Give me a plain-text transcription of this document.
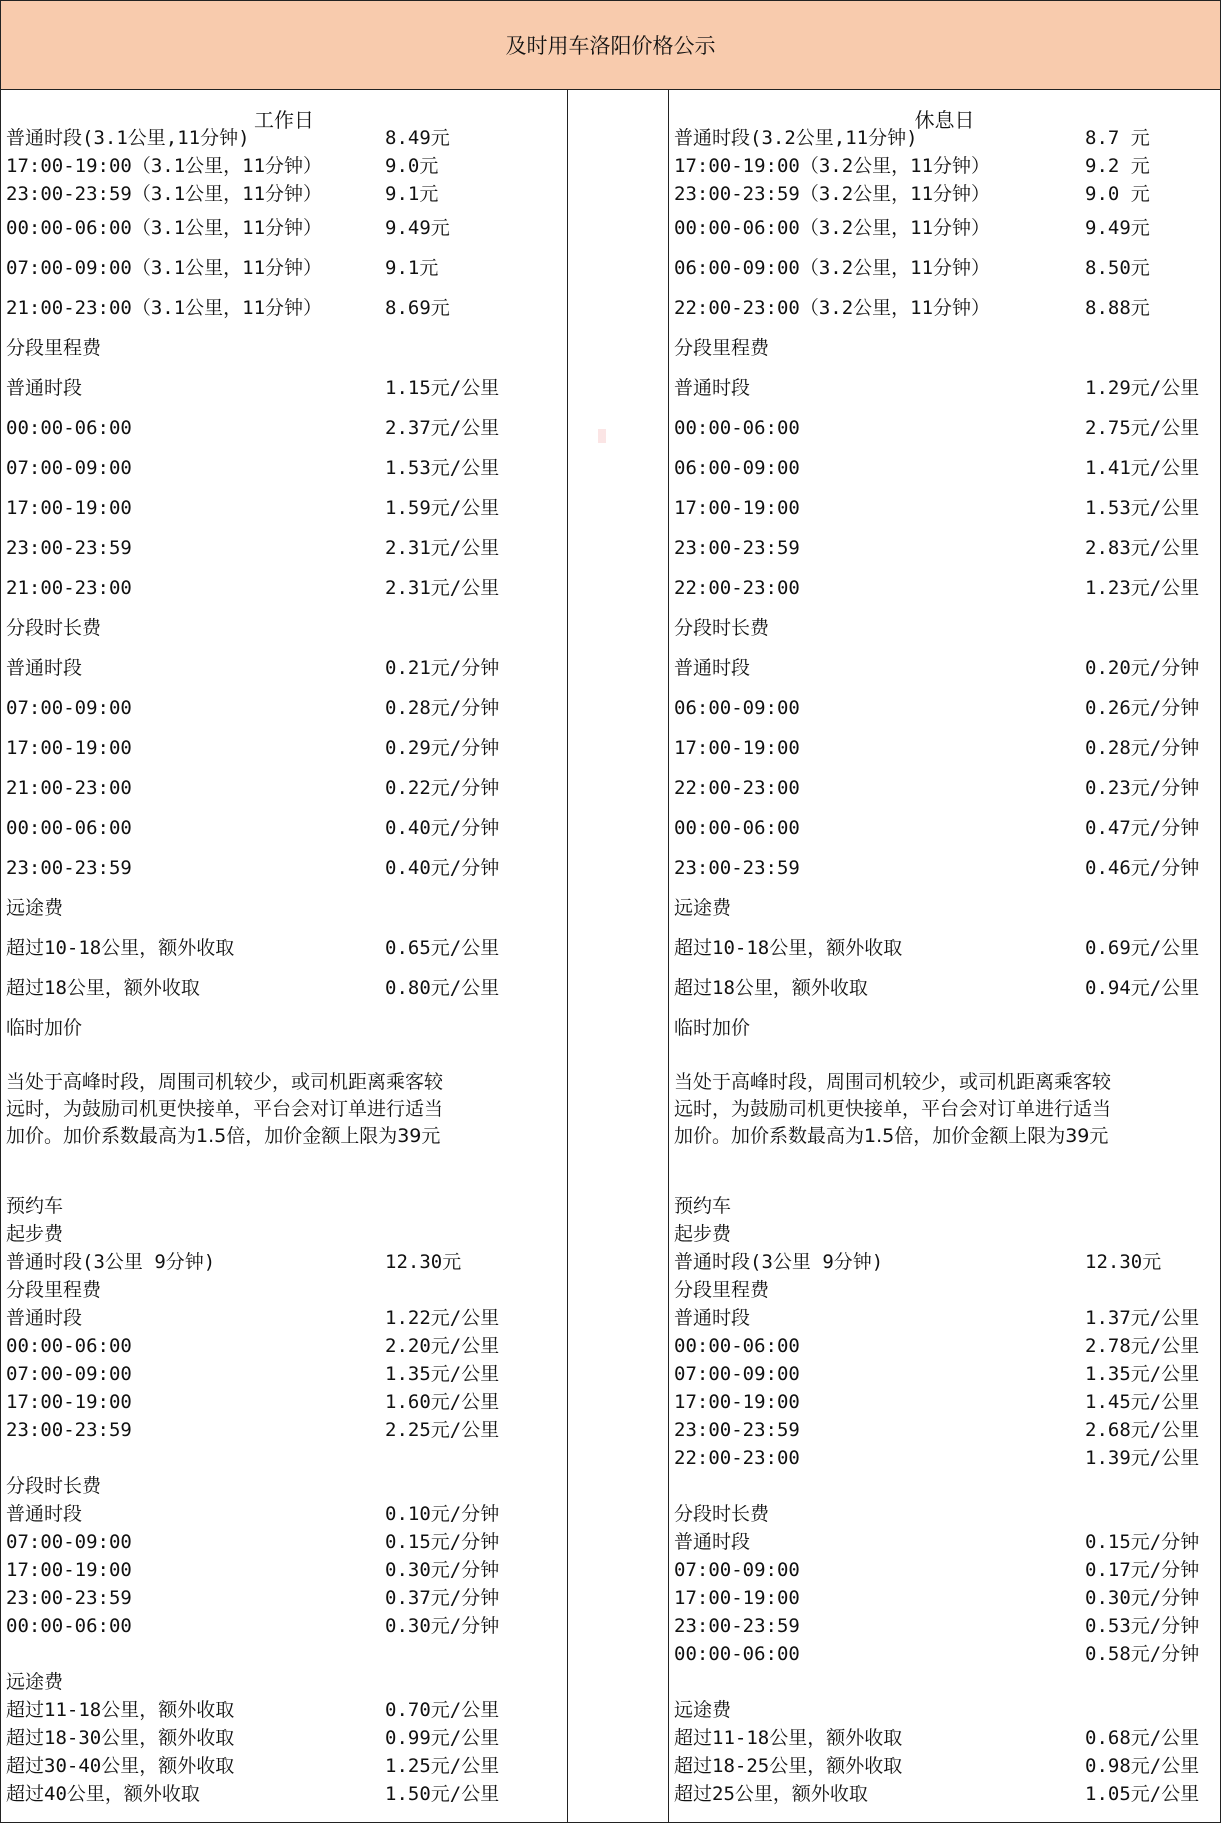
及时用车洛阳价格公示
工作日
普通时段(3.1公里,11分钟)	8.49元
17:00-19:00（3.1公里，11分钟）	9.0元
23:00-23:59（3.1公里，11分钟）	9.1元
00:00-06:00（3.1公里，11分钟）	9.49元
07:00-09:00（3.1公里，11分钟）	9.1元
21:00-23:00（3.1公里，11分钟）	8.69元
分段里程费
普通时段	1.15元/公里
00:00-06:00	2.37元/公里
07:00-09:00	1.53元/公里
17:00-19:00	1.59元/公里
23:00-23:59	2.31元/公里
21:00-23:00	2.31元/公里
分段时长费
普通时段	0.21元/分钟
07:00-09:00	0.28元/分钟
17:00-19:00	0.29元/分钟
21:00-23:00	0.22元/分钟
00:00-06:00	0.40元/分钟
23:00-23:59	0.40元/分钟
远途费
超过10-18公里，额外收取	0.65元/公里
超过18公里，额外收取	0.80元/公里
临时加价
当处于高峰时段，周围司机较少，或司机距离乘客较
远时，为鼓励司机更快接单，平台会对订单进行适当
加价。加价系数最高为1.5倍，加价金额上限为39元
预约车
起步费
普通时段(3公里 9分钟)	12.30元
分段里程费
普通时段	1.22元/公里
00:00-06:00	2.20元/公里
07:00-09:00	1.35元/公里
17:00-19:00	1.60元/公里
23:00-23:59	2.25元/公里
分段时长费
普通时段	0.10元/分钟
07:00-09:00	0.15元/分钟
17:00-19:00	0.30元/分钟
23:00-23:59	0.37元/分钟
00:00-06:00	0.30元/分钟
远途费
超过11-18公里，额外收取	0.70元/公里
超过18-30公里，额外收取	0.99元/公里
超过30-40公里，额外收取	1.25元/公里
超过40公里，额外收取	1.50元/公里
休息日
普通时段(3.2公里,11分钟)	8.7 元
17:00-19:00（3.2公里，11分钟）	9.2 元
23:00-23:59（3.2公里，11分钟）	9.0 元
00:00-06:00（3.2公里，11分钟）	9.49元
06:00-09:00（3.2公里，11分钟）	8.50元
22:00-23:00（3.2公里，11分钟）	8.88元
分段里程费
普通时段	1.29元/公里
00:00-06:00	2.75元/公里
06:00-09:00	1.41元/公里
17:00-19:00	1.53元/公里
23:00-23:59	2.83元/公里
22:00-23:00	1.23元/公里
分段时长费
普通时段	0.20元/分钟
06:00-09:00	0.26元/分钟
17:00-19:00	0.28元/分钟
22:00-23:00	0.23元/分钟
00:00-06:00	0.47元/分钟
23:00-23:59	0.46元/分钟
远途费
超过10-18公里，额外收取	0.69元/公里
超过18公里，额外收取	0.94元/公里
临时加价
当处于高峰时段，周围司机较少，或司机距离乘客较
远时，为鼓励司机更快接单，平台会对订单进行适当
加价。加价系数最高为1.5倍，加价金额上限为39元
预约车
起步费
普通时段(3公里 9分钟)	12.30元
分段里程费
普通时段	1.37元/公里
00:00-06:00	2.78元/公里
07:00-09:00	1.35元/公里
17:00-19:00	1.45元/公里
23:00-23:59	2.68元/公里
22:00-23:00	1.39元/公里
分段时长费
普通时段	0.15元/分钟
07:00-09:00	0.17元/分钟
17:00-19:00	0.30元/分钟
23:00-23:59	0.53元/分钟
00:00-06:00	0.58元/分钟
远途费
超过11-18公里，额外收取	0.68元/公里
超过18-25公里，额外收取	0.98元/公里
超过25公里，额外收取	1.05元/公里
